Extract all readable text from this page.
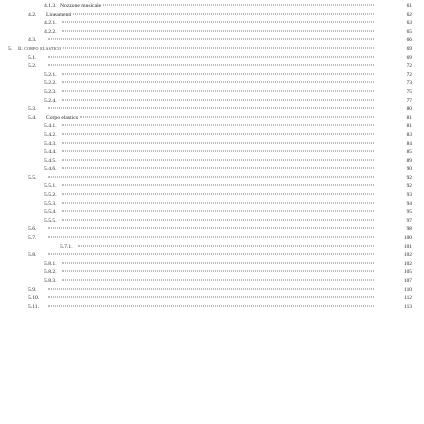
4.1.3. Nozzone musicale	61
4.2.	Lineamenti	62
4.2.1.	63
4.2.2.	65
4.3.	66
5.	Il corpo elastico	69
5.1.	69
5.2.	72
5.2.1.	72
5.2.2.	73
5.2.3.	75
5.2.4.	77
5.3.	80
5.4.	Corpo elastico	81
5.4.1.	81
5.4.2.	83
5.4.3.	84
5.4.4.	85
5.4.5.	89
5.4.6.	90
5.5.	92
5.5.1.	92
5.5.2.	93
5.5.3.	94
5.5.4.	95
5.5.5.	97
5.6.	98
5.7.	100
5.7.1.	101
5.8.	102
5.8.1.	102
5.8.2.	105
5.8.3.	107
5.9.	110
5.10.	112
5.11.	113
